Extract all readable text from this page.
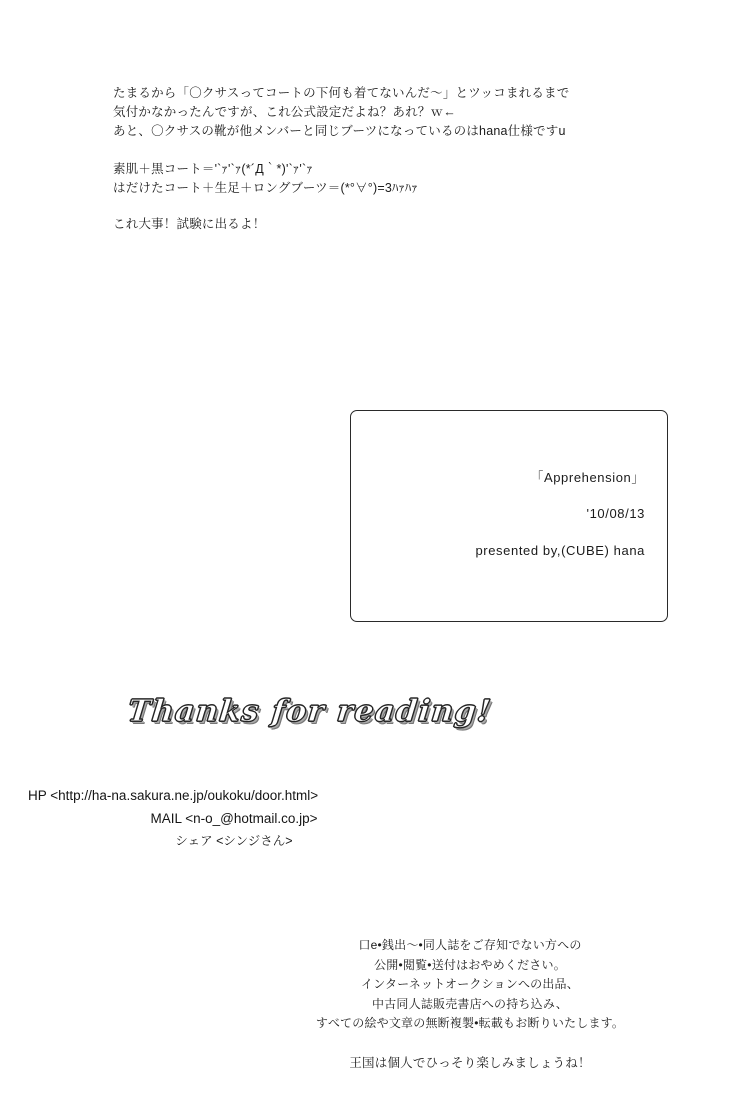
たまるから「〇クサスってコートの下何も着てないんだ〜」とツッコまれるまで

気付かなかったんですが、これ公式設定だよね？あれ？ｗ←

あと、〇クサスの靴が他メンバーと同じブーツになっているのはhana仕様ですu

素肌＋黒コート＝'`ｧ'`ｧ(*´Д｀*)'`ｧ'`ｧ

はだけたコート＋生足＋ロングブーツ＝(*°∀°)=3ﾊｧﾊｧ

これ大事！試験に出るよ！

「Apprehension」
'10/08/13
presented by,(CUBE) hana
Thanks for reading!
HP <http://ha-na.sakura.ne.jp/oukoku/door.html>
MAIL <n-o_@hotmail.co.jp>
シェア <シンジさん>
口e•銭出〜•同人誌をご存知でない方への
公開•閲覧•送付はおやめください。
インターネットオークションへの出品、
中古同人誌販売書店への持ち込み、
すべての絵や文章の無断複製•転載もお断りいたします。
王国は個人でひっそり楽しみましょうね！
